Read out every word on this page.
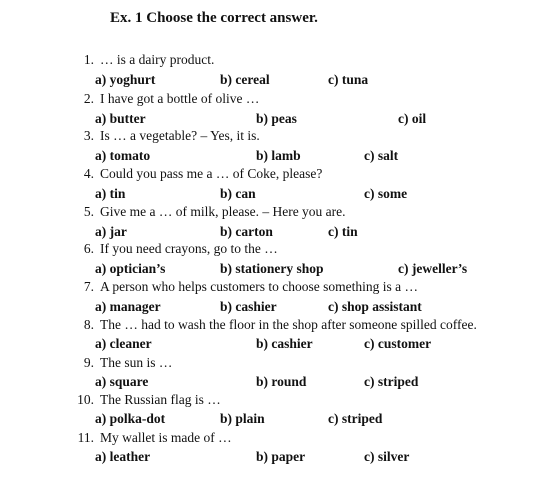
Ex. 1 Choose the correct answer.
1. … is a dairy product.
a) yoghurt	b) cereal	c) tuna
2. I have got a bottle of olive …
a) butter	b) peas	c) oil
3. Is … a vegetable? – Yes, it is.
a) tomato	b) lamb	c) salt
4. Could you pass me a … of Coke, please?
a) tin	b) can	c) some
5. Give me a … of milk, please. – Here you are.
a) jar	b) carton	c) tin
6. If you need crayons, go to the …
a) optician’s	b) stationery shop	c) jeweller’s
7. A person who helps customers to choose something is a …
a) manager	b) cashier	c) shop assistant
8. The … had to wash the floor in the shop after someone spilled coffee.
a) cleaner	b) cashier	c) customer
9. The sun is …
a) square	b) round	c) striped
10. The Russian flag is …
a) polka-dot	b) plain	c) striped
11. My wallet is made of …
a) leather	b) paper	c) silver
